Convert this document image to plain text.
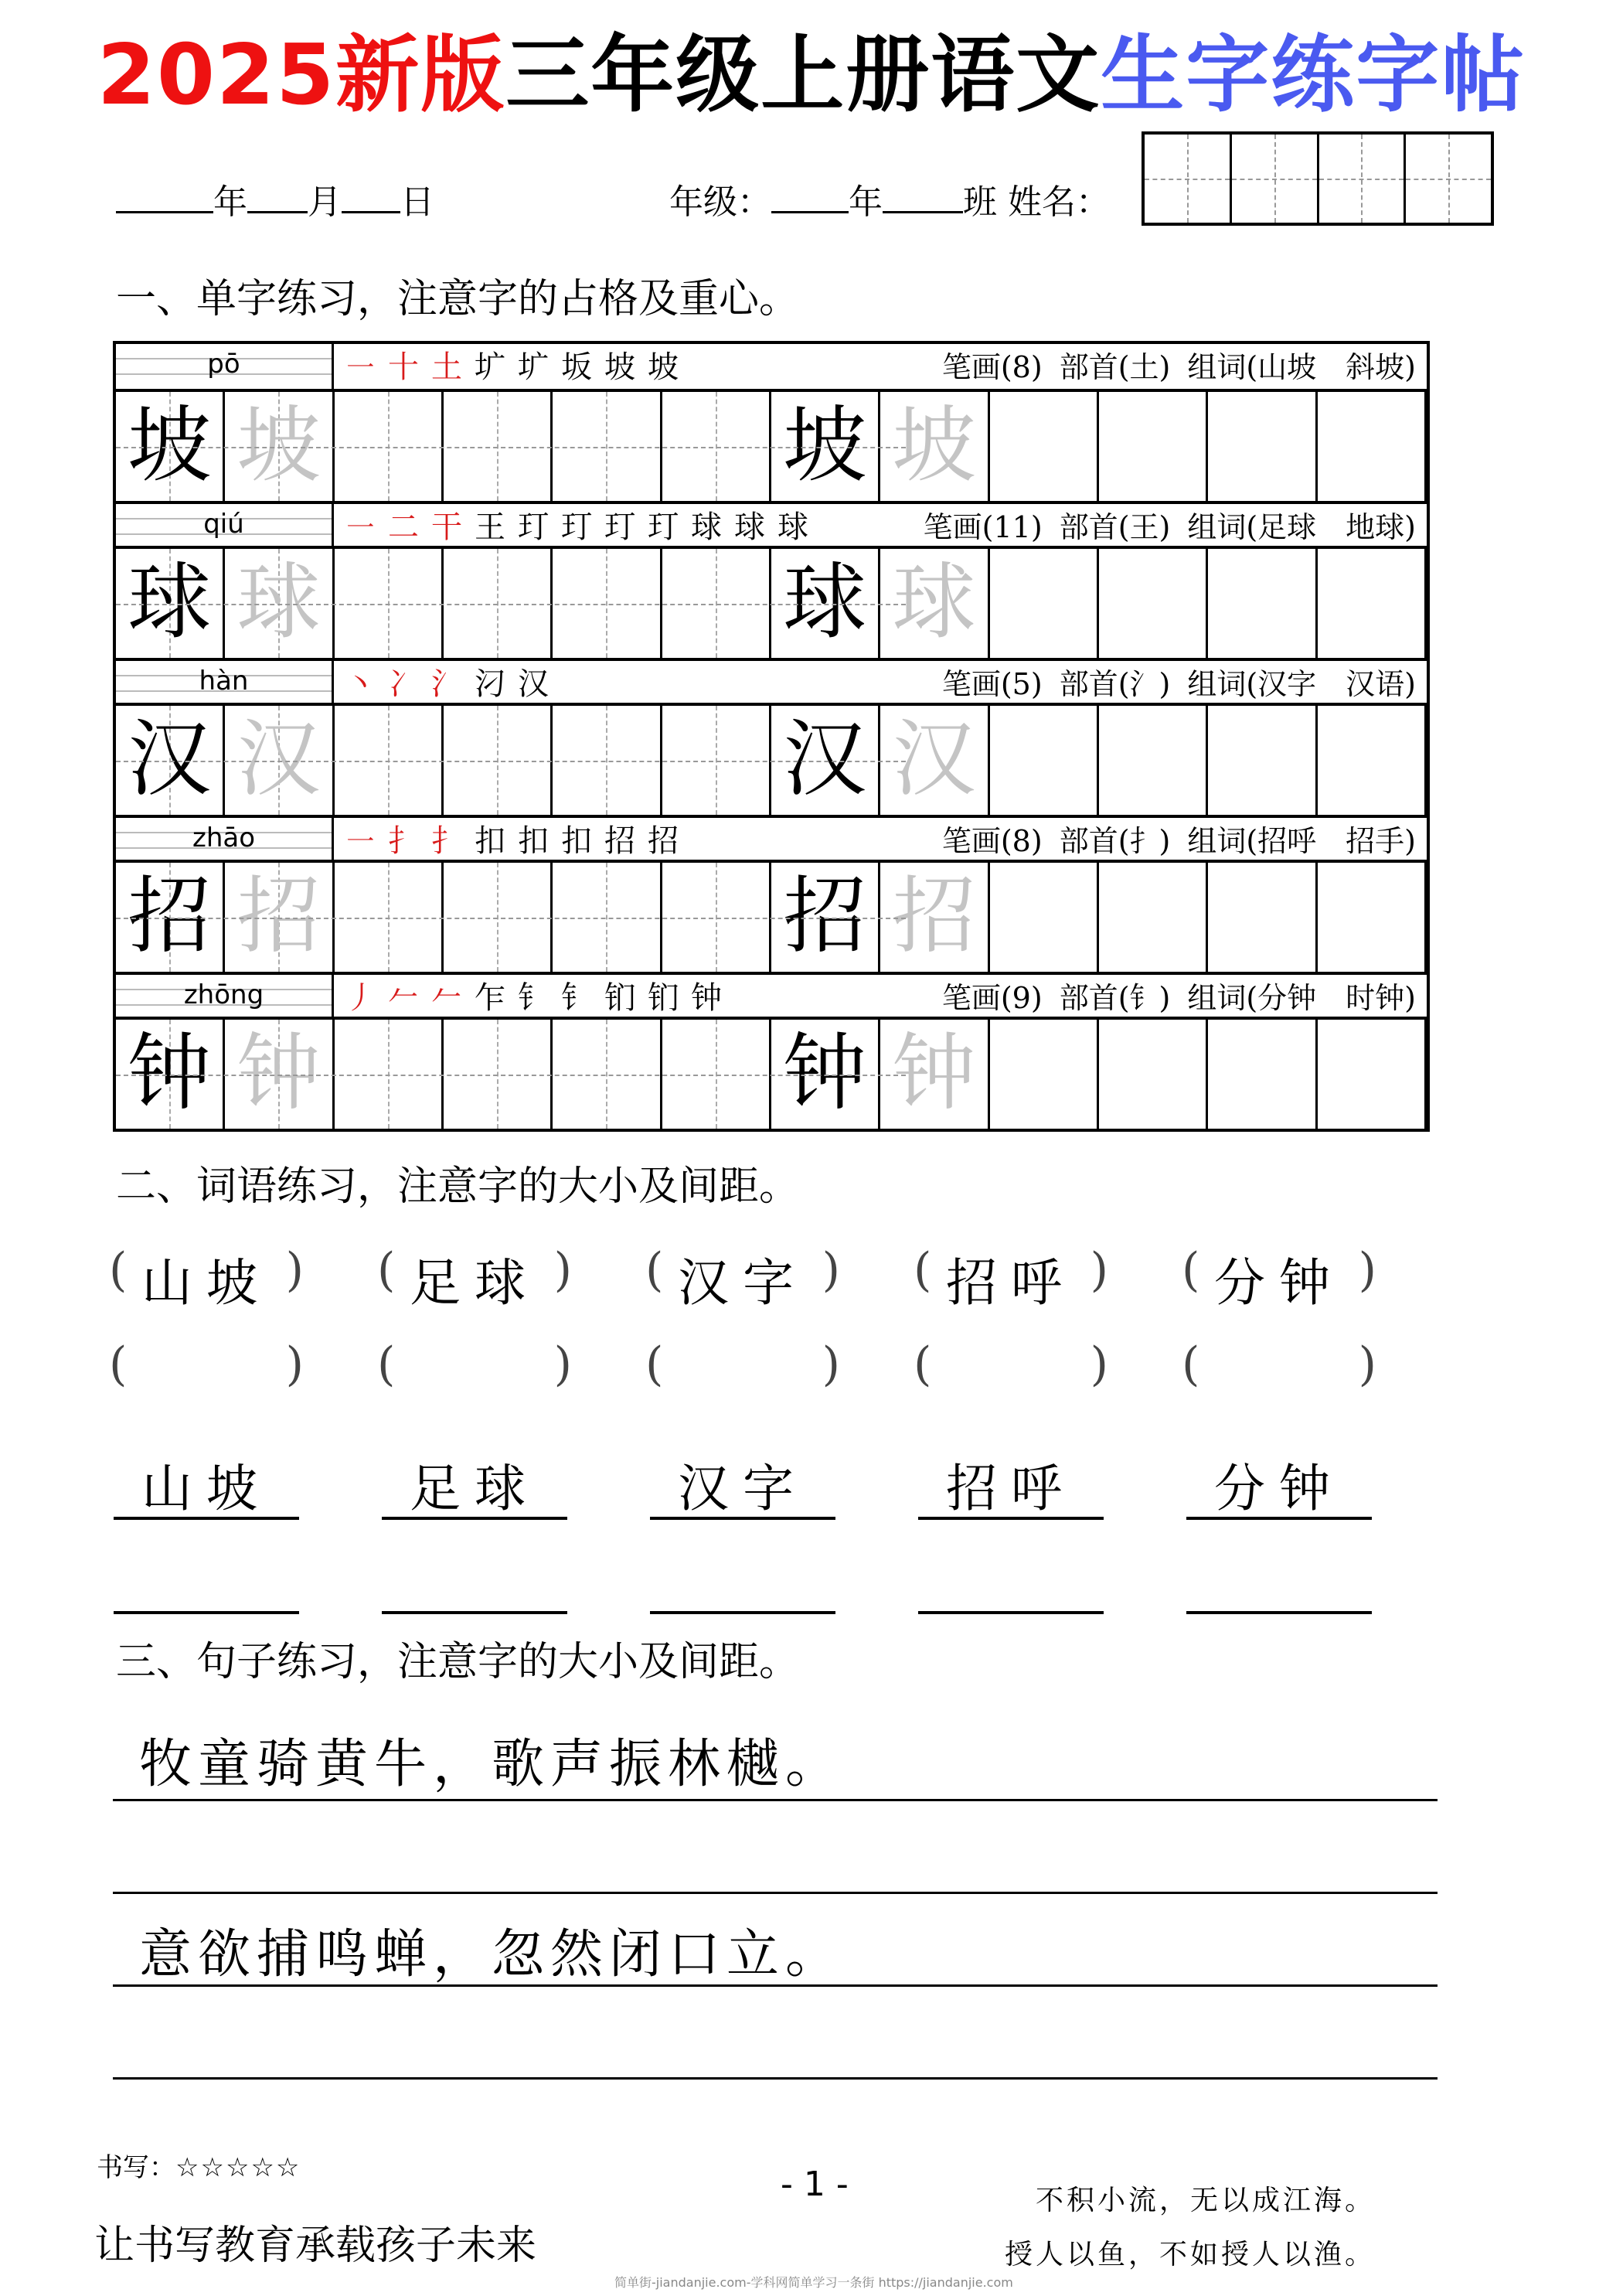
2025新版三年级上册语文生字练字帖
年 月 日	年级： 年 班 姓名：
一、单字练习，注意字的占格及重心。
pō	㇐ 十 土 圹 圹 坂 坡 坡	笔画(8) 部首(土) 组词(山坡　斜坡)
坡 坡	坡 坡
qiú	㇐ 二 干 王 玎 玎 玎 玎 球 球 球	笔画(11) 部首(王) 组词(足球　地球)
球 球	球 球
hàn	丶 冫 氵 汈 汉	笔画(5) 部首(氵) 组词(汉字　汉语)
汉 汉	汉 汉
zhāo	㇐ 扌 扌 扣 扣 扣 招 招	笔画(8) 部首(扌) 组词(招呼　招手)
招 招	招 招
zhōng	丿 𠂉 𠂉 乍 钅 钅 钔 钔 钟	笔画(9) 部首(钅) 组词(分钟　时钟)
钟 钟	钟 钟
二、词语练习，注意字的大小及间距。
( 山坡 )
(	)
山坡
( 足球 )
(	)
足球
( 汉字 )
(	)
汉字
( 招呼 )
(	)
招呼
( 分钟 )
(	)
分钟
三、句子练习，注意字的大小及间距。
牧童骑黄牛，歌声振林樾。
意欲捕鸣蝉，忽然闭口立。
书写：☆☆☆☆☆
让书写教育承载孩子未来
- 1 -	不积小流，无以成江海。
授人以鱼，不如授人以渔。
简单街-jiandanjie.com-学科网简单学习一条街 https://jiandanjie.com
